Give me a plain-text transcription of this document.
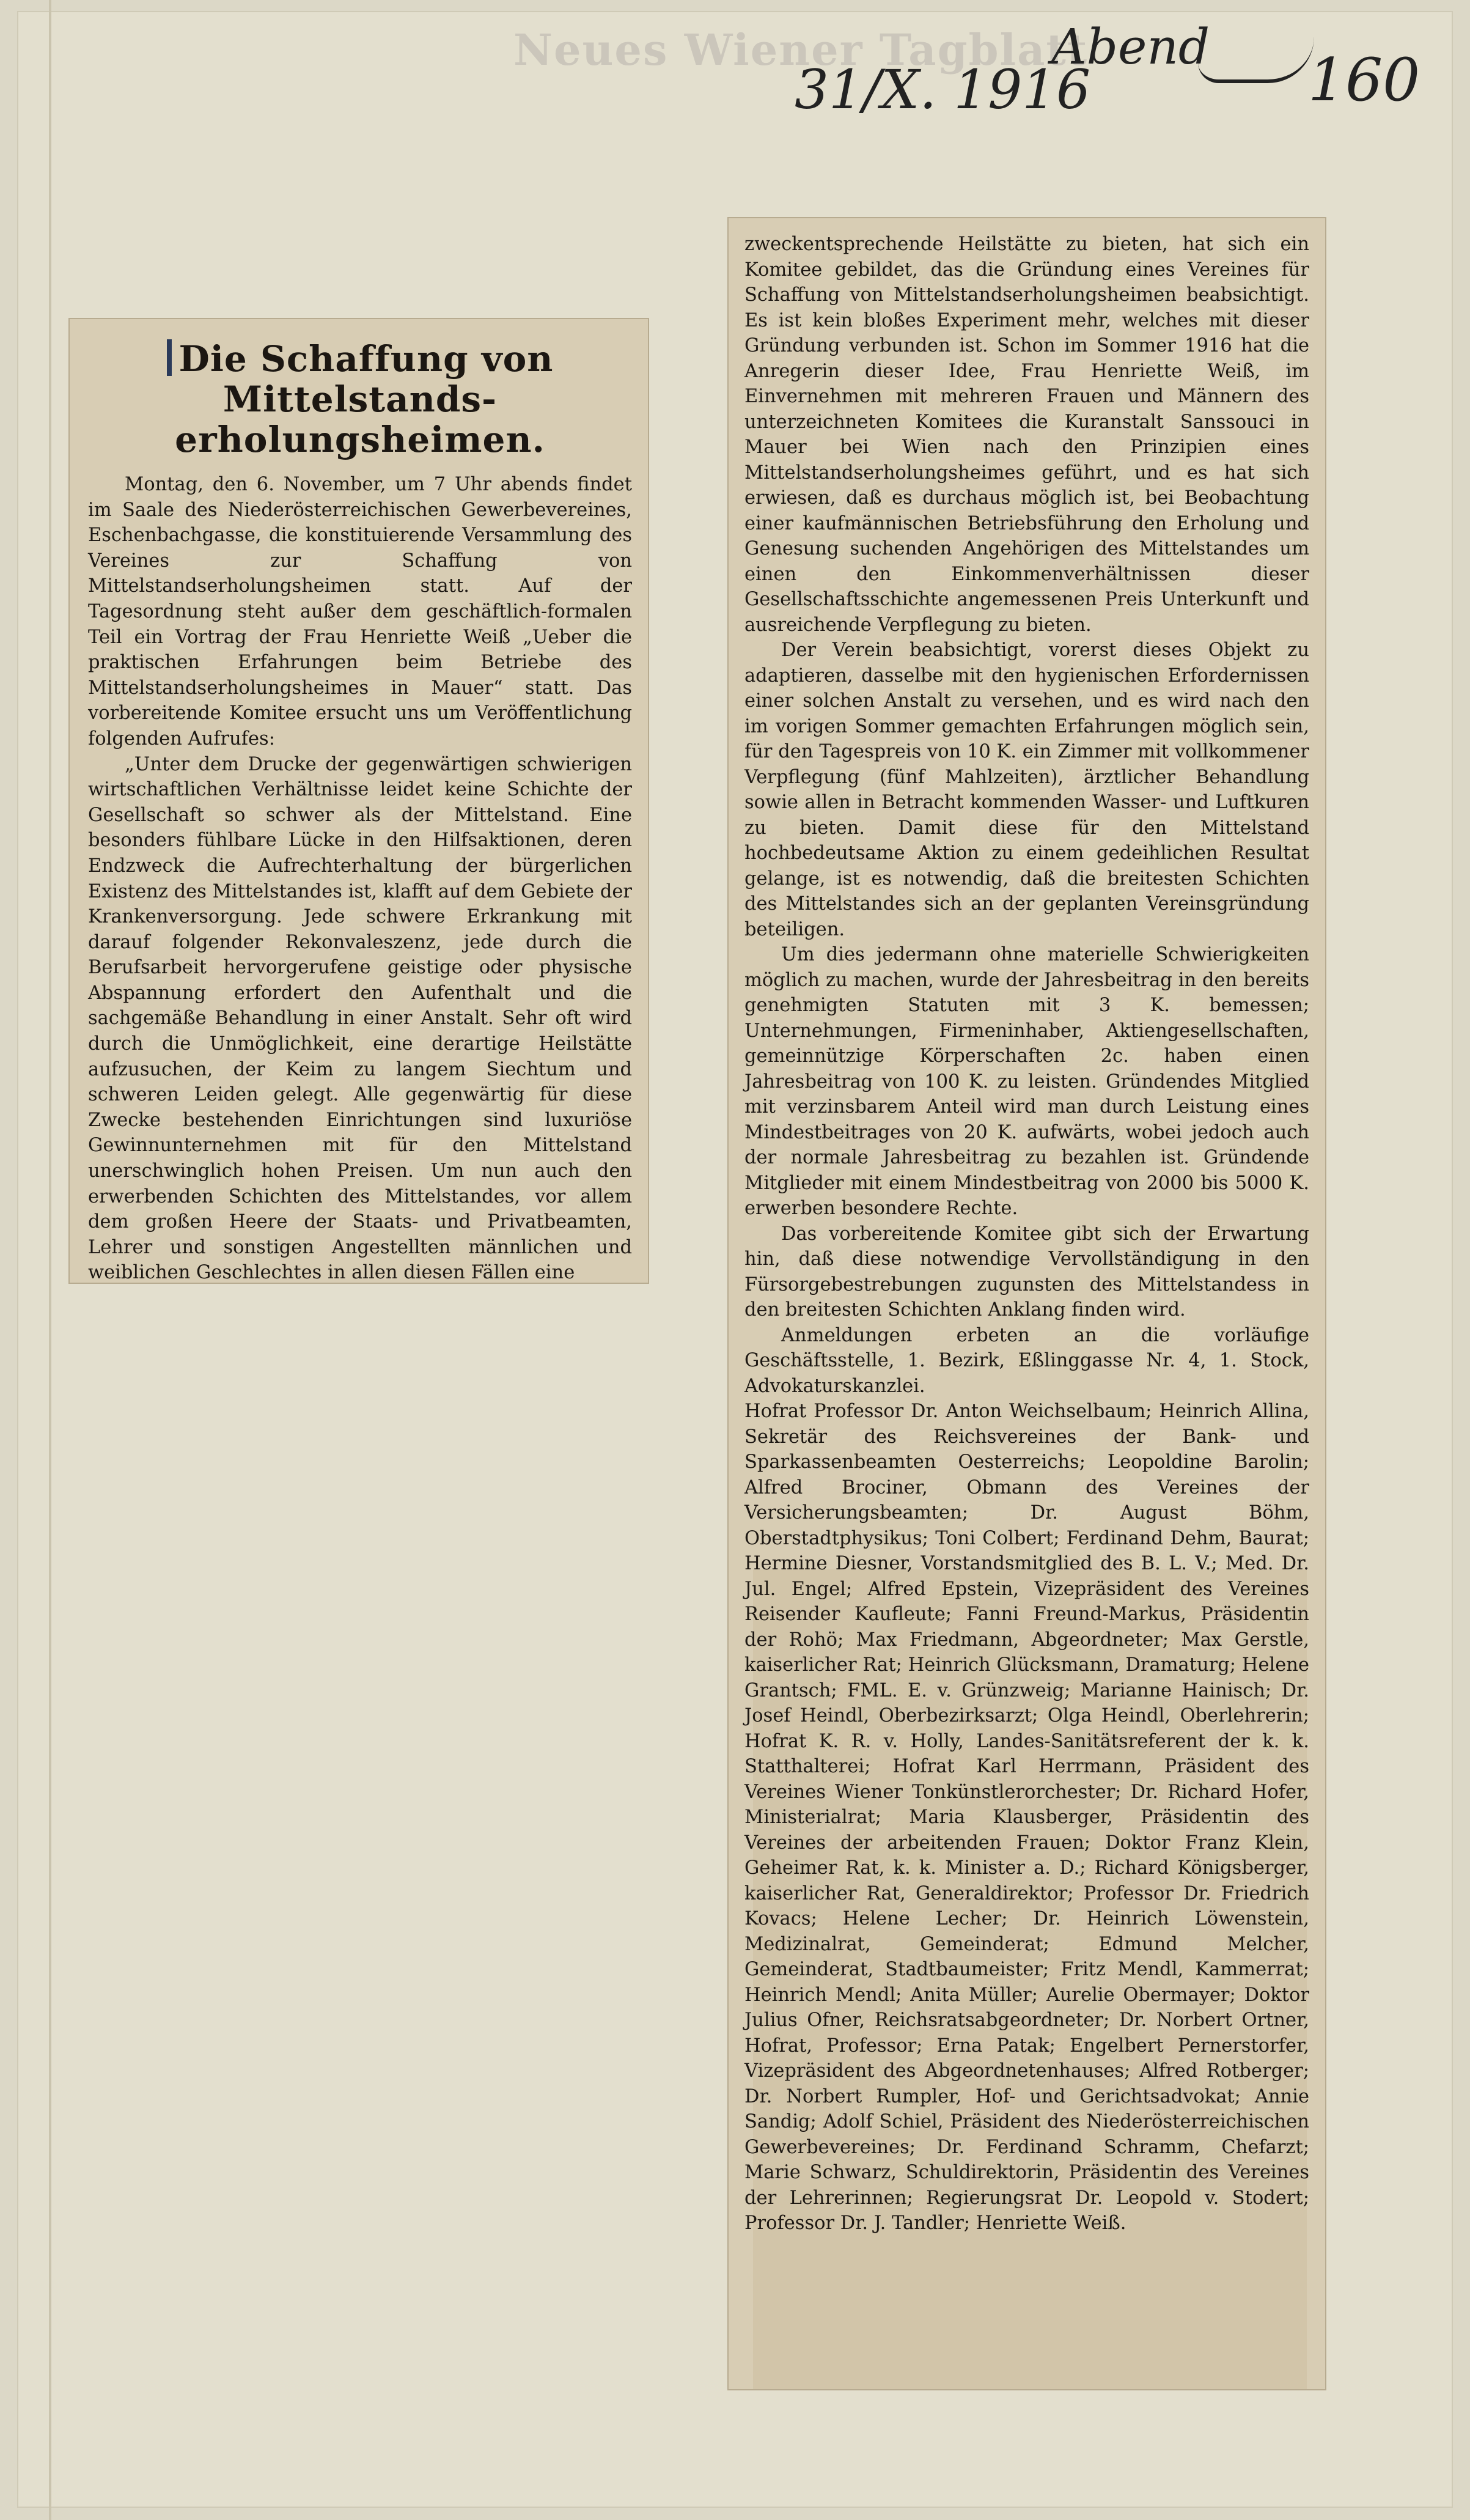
Neues Wiener Tagblatt
Abend
31/X. 1916	160
Die Schaffung von Mittelstands-erholungsheimen.

Montag, den 6. November, um 7 Uhr abends findet im Saale des Niederösterreichischen Gewerbevereines, Eschenbachgasse, die konstituierende Versammlung des Vereines zur Schaffung von Mittelstandserholungsheimen statt. Auf der Tagesordnung steht außer dem geschäftlich-formalen Teil ein Vortrag der Frau Henriette Weiß „Ueber die praktischen Erfahrungen beim Betriebe des Mittelstandserholungsheimes in Mauer“ statt. Das vorbereitende Komitee ersucht uns um Veröffentlichung folgenden Aufrufes:

„Unter dem Drucke der gegenwärtigen schwierigen wirtschaftlichen Verhältnisse leidet keine Schichte der Gesellschaft so schwer als der Mittelstand. Eine besonders fühlbare Lücke in den Hilfsaktionen, deren Endzweck die Aufrechterhaltung der bürgerlichen Existenz des Mittelstandes ist, klafft auf dem Gebiete der Krankenversorgung. Jede schwere Erkrankung mit darauf folgender Rekonvaleszenz, jede durch die Berufsarbeit hervorgerufene geistige oder physische Abspannung erfordert den Aufenthalt und die sachgemäße Behandlung in einer Anstalt. Sehr oft wird durch die Unmöglichkeit, eine derartige Heilstätte aufzusuchen, der Keim zu langem Siechtum und schweren Leiden gelegt. Alle gegenwärtig für diese Zwecke bestehenden Einrichtungen sind luxuriöse Gewinnunternehmen mit für den Mittelstand unerschwinglich hohen Preisen. Um nun auch den erwerbenden Schichten des Mittelstandes, vor allem dem großen Heere der Staats- und Privatbeamten, Lehrer und sonstigen Angestellten männlichen und weiblichen Geschlechtes in allen diesen Fällen eine

zweckentsprechende Heilstätte zu bieten, hat sich ein Komitee gebildet, das die Gründung eines Vereines für Schaffung von Mittelstandserholungsheimen beabsichtigt. Es ist kein bloßes Experiment mehr, welches mit dieser Gründung verbunden ist. Schon im Sommer 1916 hat die Anregerin dieser Idee, Frau Henriette Weiß, im Einvernehmen mit mehreren Frauen und Männern des unterzeichneten Komitees die Kuranstalt Sanssouci in Mauer bei Wien nach den Prinzipien eines Mittelstandserholungsheimes geführt, und es hat sich erwiesen, daß es durchaus möglich ist, bei Beobachtung einer kaufmännischen Betriebsführung den Erholung und Genesung suchenden Angehörigen des Mittelstandes um einen den Einkommenverhältnissen dieser Gesellschaftsschichte angemessenen Preis Unterkunft und ausreichende Verpflegung zu bieten.

Der Verein beabsichtigt, vorerst dieses Objekt zu adaptieren, dasselbe mit den hygienischen Erfordernissen einer solchen Anstalt zu versehen, und es wird nach den im vorigen Sommer gemachten Erfahrungen möglich sein, für den Tagespreis von 10 K. ein Zimmer mit vollkommener Verpflegung (fünf Mahlzeiten), ärztlicher Behandlung sowie allen in Betracht kommenden Wasser- und Luftkuren zu bieten. Damit diese für den Mittelstand hochbedeutsame Aktion zu einem gedeihlichen Resultat gelange, ist es notwendig, daß die breitesten Schichten des Mittelstandes sich an der geplanten Vereinsgründung beteiligen.

Um dies jedermann ohne materielle Schwierigkeiten möglich zu machen, wurde der Jahresbeitrag in den bereits genehmigten Statuten mit 3 K. bemessen; Unternehmungen, Firmeninhaber, Aktiengesellschaften, gemeinnützige Körperschaften 2c. haben einen Jahresbeitrag von 100 K. zu leisten. Gründendes Mitglied mit verzinsbarem Anteil wird man durch Leistung eines Mindestbeitrages von 20 K. aufwärts, wobei jedoch auch der normale Jahresbeitrag zu bezahlen ist. Gründende Mitglieder mit einem Mindestbeitrag von 2000 bis 5000 K. erwerben besondere Rechte.

Das vorbereitende Komitee gibt sich der Erwartung hin, daß diese notwendige Vervollständigung in den Fürsorgebestrebungen zugunsten des Mittelstandess in den breitesten Schichten Anklang finden wird.

Anmeldungen erbeten an die vorläufige Geschäftsstelle, 1. Bezirk, Eßlinggasse Nr. 4, 1. Stock, Advokaturskanzlei.

Hofrat Professor Dr. Anton Weichselbaum; Heinrich Allina, Sekretär des Reichsvereines der Bank- und Sparkassenbeamten Oesterreichs; Leopoldine Barolin; Alfred Brociner, Obmann des Vereines der Versicherungsbeamten; Dr. August Böhm, Oberstadtphysikus; Toni Colbert; Ferdinand Dehm, Baurat; Hermine Diesner, Vorstandsmitglied des B. L. V.; Med. Dr. Jul. Engel; Alfred Epstein, Vizepräsident des Vereines Reisender Kaufleute; Fanni Freund-Markus, Präsidentin der Rohö; Max Friedmann, Abgeordneter; Max Gerstle, kaiserlicher Rat; Heinrich Glücksmann, Dramaturg; Helene Grantsch; FML. E. v. Grünzweig; Marianne Hainisch; Dr. Josef Heindl, Oberbezirksarzt; Olga Heindl, Oberlehrerin; Hofrat K. R. v. Holly, Landes-Sanitätsreferent der k. k. Statthalterei; Hofrat Karl Herrmann, Präsident des Vereines Wiener Tonkünstlerorchester; Dr. Richard Hofer, Ministerialrat; Maria Klausberger, Präsidentin des Vereines der arbeitenden Frauen; Doktor Franz Klein, Geheimer Rat, k. k. Minister a. D.; Richard Königsberger, kaiserlicher Rat, Generaldirektor; Professor Dr. Friedrich Kovacs; Helene Lecher; Dr. Heinrich Löwenstein, Medizinalrat, Gemeinderat; Edmund Melcher, Gemeinderat, Stadtbaumeister; Fritz Mendl, Kammerrat; Heinrich Mendl; Anita Müller; Aurelie Obermayer; Doktor Julius Ofner, Reichsratsabgeordneter; Dr. Norbert Ortner, Hofrat, Professor; Erna Patak; Engelbert Pernerstorfer, Vizepräsident des Abgeordnetenhauses; Alfred Rotberger; Dr. Norbert Rumpler, Hof- und Gerichtsadvokat; Annie Sandig; Adolf Schiel, Präsident des Niederösterreichischen Gewerbevereines; Dr. Ferdinand Schramm, Chefarzt; Marie Schwarz, Schuldirektorin, Präsidentin des Vereines der Lehrerinnen; Regierungsrat Dr. Leopold v. Stodert; Professor Dr. J. Tandler; Henriette Weiß.
